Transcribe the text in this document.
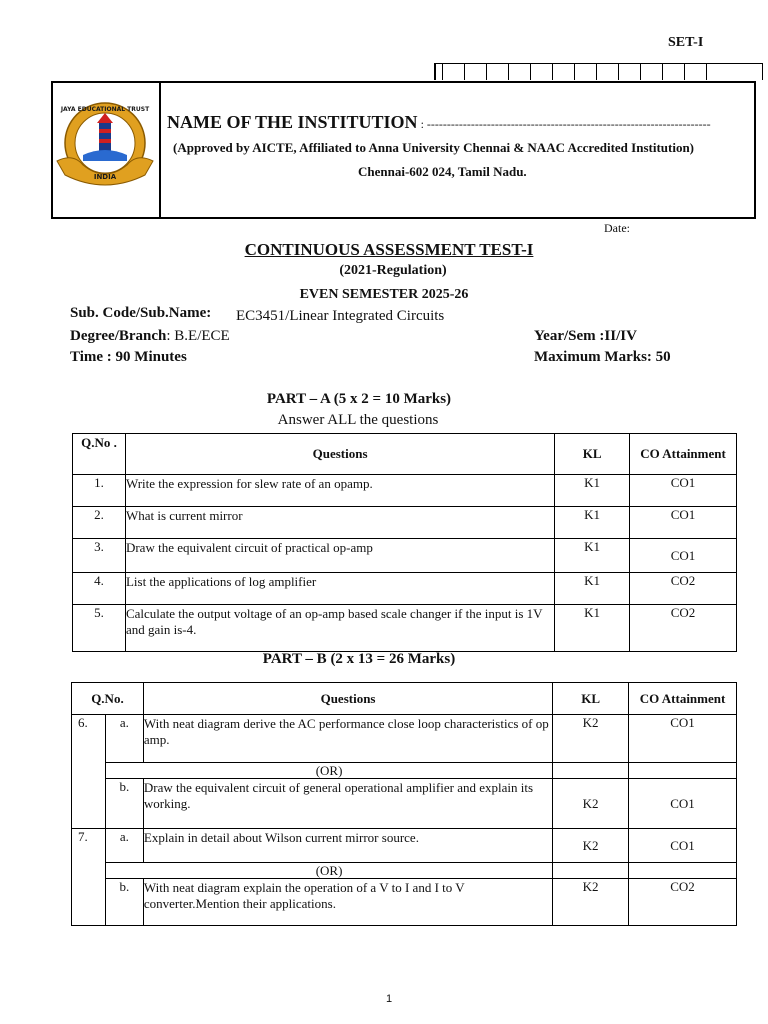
SET-I
JAYA EDUCATIONAL TRUST
INDIA
NAME OF THE INSTITUTION : -----------------------------------------------------------------------
(Approved by AICTE, Affiliated to Anna University Chennai & NAAC Accredited Institution)
Chennai-602 024, Tamil Nadu.
Date:
CONTINUOUS ASSESSMENT TEST-I
(2021-Regulation)
EVEN SEMESTER 2025-26
Sub. Code/Sub.Name: EC3451/Linear Integrated Circuits
Degree/Branch: B.E/ECE	Year/Sem :II/IV
Time : 90 Minutes	Maximum Marks: 50
PART – A (5 x 2 = 10 Marks)
Answer ALL the questions
Q.No .	Questions	KL	CO Attainment
1.	Write the expression for slew rate of an opamp.	K1	CO1
2.	What is current mirror	K1	CO1
3.	Draw the equivalent circuit of practical op-amp	K1	CO1
4.	List the applications of log amplifier	K1	CO2
5.	Calculate the output voltage of an op-amp based scale changer if the input is 1V and gain is-4.	K1	CO2
PART – B (2 x 13 = 26 Marks)
Q.No.		Questions	KL	CO Attainment
6.	a.	With neat diagram derive the AC performance close loop characteristics of op amp.	K2	CO1
	(OR)			
	b.	Draw the equivalent circuit of general operational amplifier and explain its working.	K2	CO1
7.	a.	Explain in detail about Wilson current mirror source.	K2	CO1
	(OR)			
	b.	With neat diagram explain the operation of a V to I and I to V converter.Mention their applications.	K2	CO2
1
